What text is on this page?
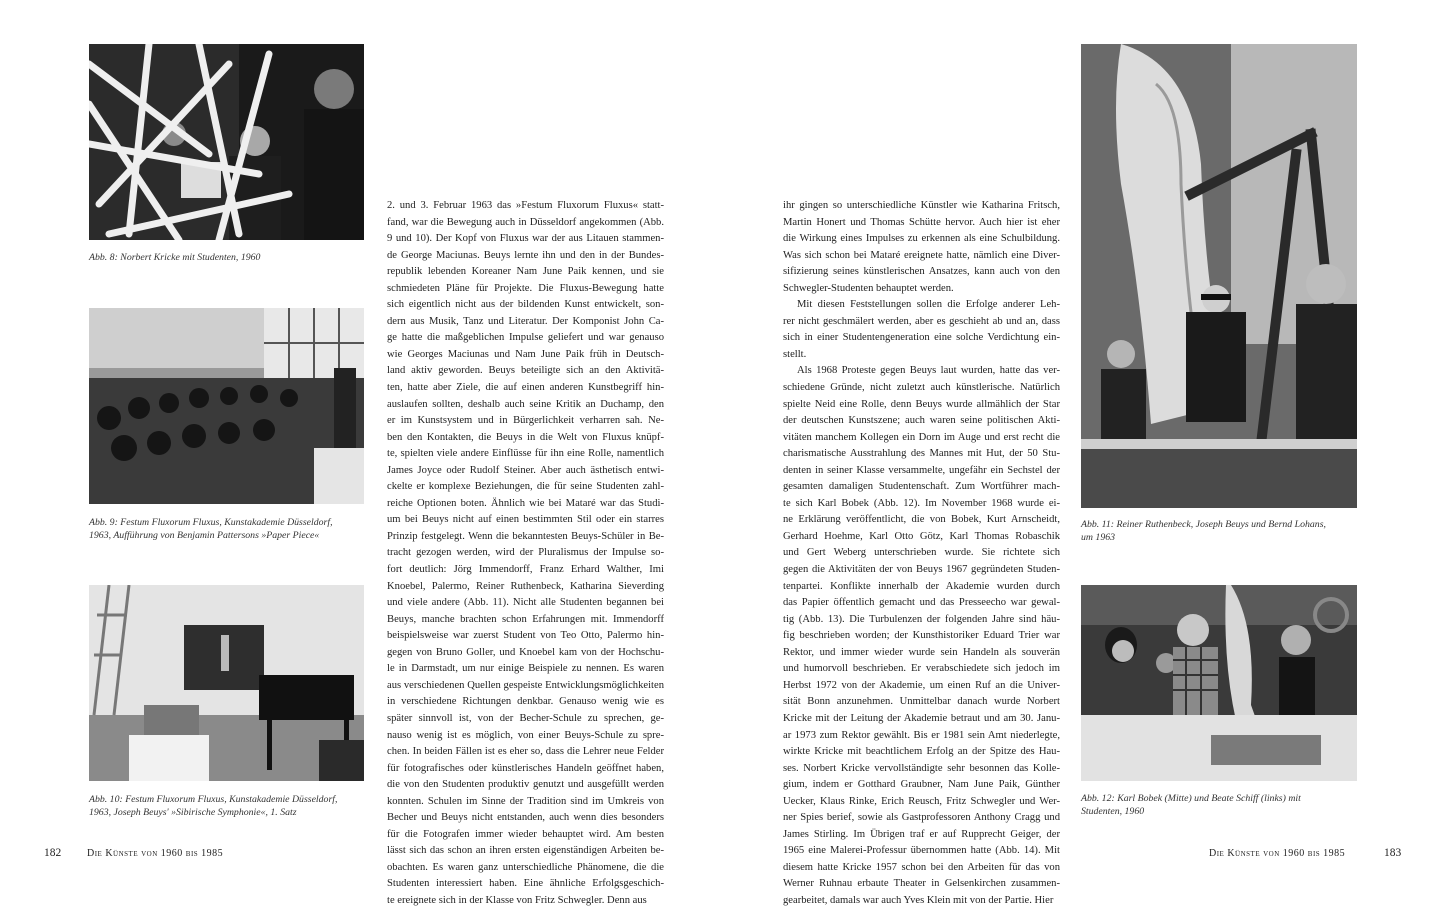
Abb. 8: Norbert Kricke mit Studenten, 1960
Abb. 9: Festum Fluxorum Fluxus, Kunstakademie Düsseldorf,
1963, Aufführung von Benjamin Pattersons »Paper Piece«
Abb. 10: Festum Fluxorum Fluxus, Kunstakademie Düsseldorf,
1963, Joseph Beuys' »Sibirische Symphonie«, 1. Satz
2. und 3. Februar 1963 das »Festum Fluxorum Fluxus« statt-
fand, war die Bewegung auch in Düsseldorf angekommen (Abb.
9 und 10). Der Kopf von Fluxus war der aus Litauen stammen-
de George Maciunas. Beuys lernte ihn und den in der Bundes-
republik lebenden Koreaner Nam June Paik kennen, und sie
schmiedeten Pläne für Projekte. Die Fluxus-Bewegung hatte
sich eigentlich nicht aus der bildenden Kunst entwickelt, son-
dern aus Musik, Tanz und Literatur. Der Komponist John Ca-
ge hatte die maßgeblichen Impulse geliefert und war genauso
wie Georges Maciunas und Nam June Paik früh in Deutsch-
land aktiv geworden. Beuys beteiligte sich an den Aktivitä-
ten, hatte aber Ziele, die auf einen anderen Kunstbegriff hin-
auslaufen sollten, deshalb auch seine Kritik an Duchamp, den
er im Kunstsystem und in Bürgerlichkeit verharren sah. Ne-
ben den Kontakten, die Beuys in die Welt von Fluxus knüpf-
te, spielten viele andere Einflüsse für ihn eine Rolle, namentlich
James Joyce oder Rudolf Steiner. Aber auch ästhetisch entwi-
ckelte er komplexe Beziehungen, die für seine Studenten zahl-
reiche Optionen boten. Ähnlich wie bei Mataré war das Studi-
um bei Beuys nicht auf einen bestimmten Stil oder ein starres
Prinzip festgelegt. Wenn die bekanntesten Beuys-Schüler in Be-
tracht gezogen werden, wird der Pluralismus der Impulse so-
fort deutlich: Jörg Immendorff, Franz Erhard Walther, Imi
Knoebel, Palermo, Reiner Ruthenbeck, Katharina Sieverding
und viele andere (Abb. 11). Nicht alle Studenten begannen bei
Beuys, manche brachten schon Erfahrungen mit. Immendorff
beispielsweise war zuerst Student von Teo Otto, Palermo hin-
gegen von Bruno Goller, und Knoebel kam von der Hochschu-
le in Darmstadt, um nur einige Beispiele zu nennen. Es waren
aus verschiedenen Quellen gespeiste Entwicklungsmöglichkeiten
in verschiedene Richtungen denkbar. Genauso wenig wie es
später sinnvoll ist, von der Becher-Schule zu sprechen, ge-
nauso wenig ist es möglich, von einer Beuys-Schule zu spre-
chen. In beiden Fällen ist es eher so, dass die Lehrer neue Felder
für fotografisches oder künstlerisches Handeln geöffnet haben,
die von den Studenten produktiv genutzt und ausgefüllt werden
konnten. Schulen im Sinne der Tradition sind im Umkreis von
Becher und Beuys nicht entstanden, auch wenn dies besonders
für die Fotografen immer wieder behauptet wird. Am besten
lässt sich das schon an ihren ersten eigenständigen Arbeiten be-
obachten. Es waren ganz unterschiedliche Phänomene, die die
Studenten interessiert haben. Eine ähnliche Erfolgsgeschich-
te ereignete sich in der Klasse von Fritz Schwegler. Denn aus
182	Die Künste von 1960 bis 1985
ihr gingen so unterschiedliche Künstler wie Katharina Fritsch,
Martin Honert und Thomas Schütte hervor. Auch hier ist eher
die Wirkung eines Impulses zu erkennen als eine Schulbildung.
Was sich schon bei Mataré ereignete hatte, nämlich eine Diver-
sifizierung seines künstlerischen Ansatzes, kann auch von den
Schwegler-Studenten behauptet werden.
Mit diesen Feststellungen sollen die Erfolge anderer Leh-
rer nicht geschmälert werden, aber es geschieht ab und an, dass
sich in einer Studentengeneration eine solche Verdichtung ein-
stellt.
Als 1968 Proteste gegen Beuys laut wurden, hatte das ver-
schiedene Gründe, nicht zuletzt auch künstlerische. Natürlich
spielte Neid eine Rolle, denn Beuys wurde allmählich der Star
der deutschen Kunstszene; auch waren seine politischen Akti-
vitäten manchem Kollegen ein Dorn im Auge und erst recht die
charismatische Ausstrahlung des Mannes mit Hut, der 50 Stu-
denten in seiner Klasse versammelte, ungefähr ein Sechstel der
gesamten damaligen Studentenschaft. Zum Wortführer mach-
te sich Karl Bobek (Abb. 12). Im November 1968 wurde ei-
ne Erklärung veröffentlicht, die von Bobek, Kurt Arnscheidt,
Gerhard Hoehme, Karl Otto Götz, Karl Thomas Robaschik
und Gert Weberg unterschrieben wurde. Sie richtete sich
gegen die Aktivitäten der von Beuys 1967 gegründeten Studen-
tenpartei. Konflikte innerhalb der Akademie wurden durch
das Papier öffentlich gemacht und das Presseecho war gewal-
tig (Abb. 13). Die Turbulenzen der folgenden Jahre sind häu-
fig beschrieben worden; der Kunsthistoriker Eduard Trier war
Rektor, und immer wieder wurde sein Handeln als souverän
und humorvoll beschrieben. Er verabschiedete sich jedoch im
Herbst 1972 von der Akademie, um einen Ruf an die Univer-
sität Bonn anzunehmen. Unmittelbar danach wurde Norbert
Kricke mit der Leitung der Akademie betraut und am 30. Janu-
ar 1973 zum Rektor gewählt. Bis er 1981 sein Amt niederlegte,
wirkte Kricke mit beachtlichem Erfolg an der Spitze des Hau-
ses. Norbert Kricke vervollständigte sehr besonnen das Kolle-
gium, indem er Gotthard Graubner, Nam June Paik, Günther
Uecker, Klaus Rinke, Erich Reusch, Fritz Schwegler und Wer-
ner Spies berief, sowie als Gastprofessoren Anthony Cragg und
James Stirling. Im Übrigen traf er auf Rupprecht Geiger, der
1965 eine Malerei-Professur übernommen hatte (Abb. 14). Mit
diesem hatte Kricke 1957 schon bei den Arbeiten für das von
Werner Ruhnau erbaute Theater in Gelsenkirchen zusammen-
gearbeitet, damals war auch Yves Klein mit von der Partie. Hier
Abb. 11: Reiner Ruthenbeck, Joseph Beuys und Bernd Lohans,
um 1963
Abb. 12: Karl Bobek (Mitte) und Beate Schiff (links) mit
Studenten, 1960
Die Künste von 1960 bis 1985	183
